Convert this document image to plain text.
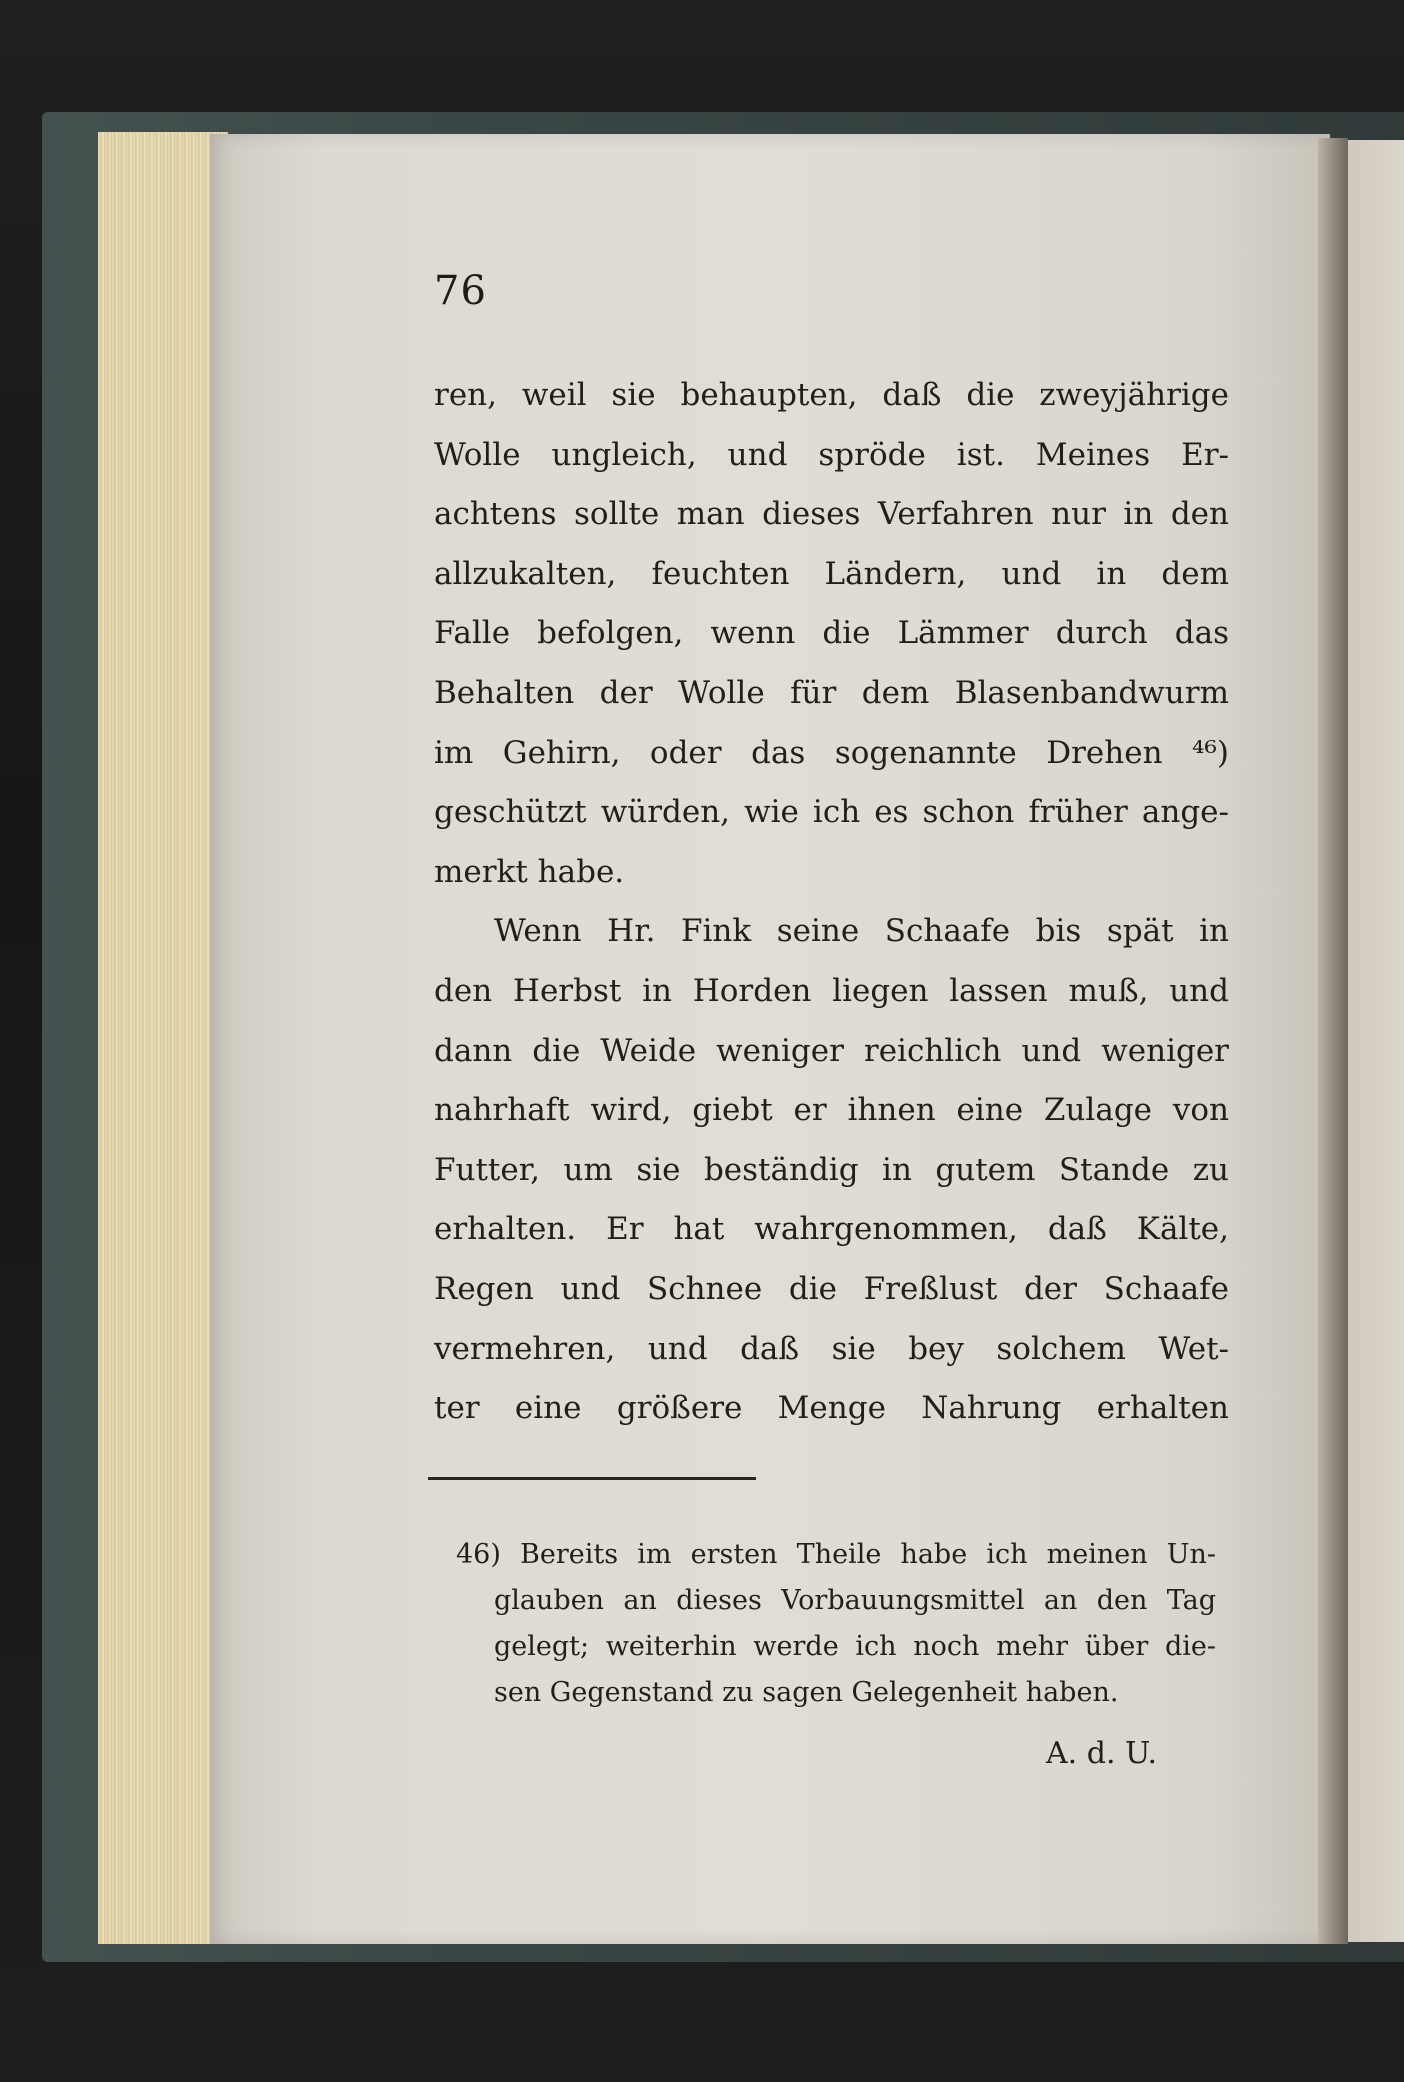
76
ren, weil sie behaupten, daß die zweyjährige
Wolle ungleich, und spröde ist. Meines Er-
achtens sollte man dieses Verfahren nur in den
allzukalten, feuchten Ländern, und in dem
Falle befolgen, wenn die Lämmer durch das
Behalten der Wolle für dem Blasenbandwurm
im Gehirn, oder das sogenannte Drehen ⁴⁶)
geschützt würden, wie ich es schon früher ange-
merkt habe.
Wenn Hr. Fink seine Schaafe bis spät in
den Herbst in Horden liegen lassen muß, und
dann die Weide weniger reichlich und weniger
nahrhaft wird, giebt er ihnen eine Zulage von
Futter, um sie beständig in gutem Stande zu
erhalten. Er hat wahrgenommen, daß Kälte,
Regen und Schnee die Freßlust der Schaafe
vermehren, und daß sie bey solchem Wet-
ter eine größere Menge Nahrung erhalten
46) Bereits im ersten Theile habe ich meinen Un-
glauben an dieses Vorbauungsmittel an den Tag
gelegt; weiterhin werde ich noch mehr über die-
sen Gegenstand zu sagen Gelegenheit haben.
A. d. U.
